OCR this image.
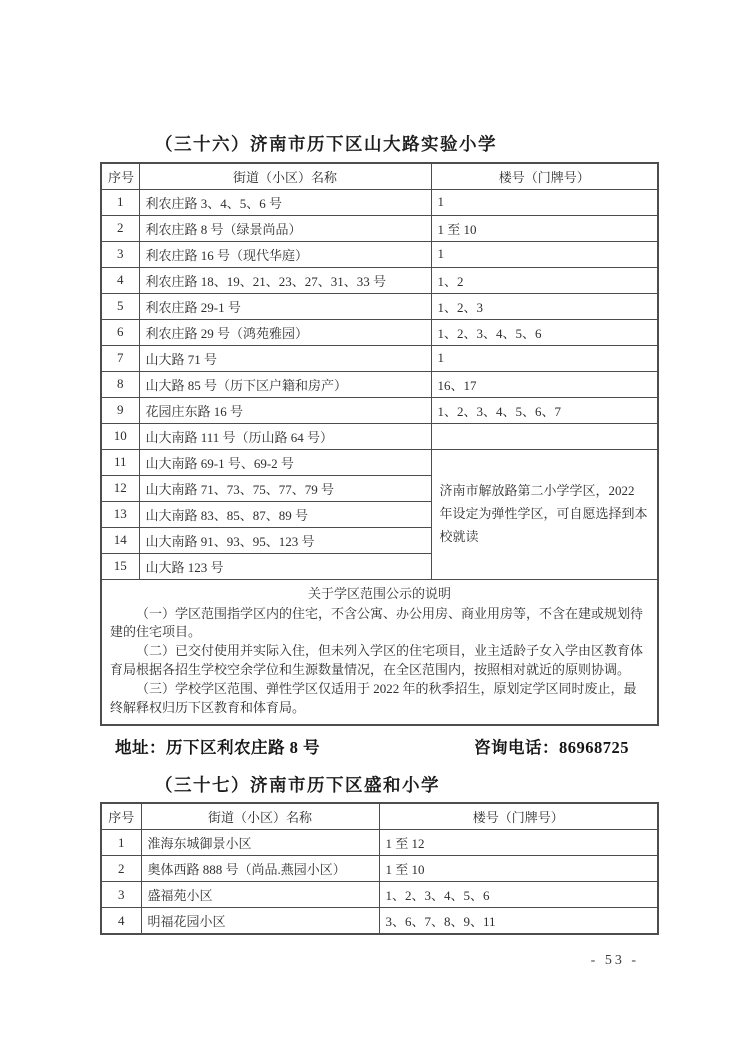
（三十六）济南市历下区山大路实验小学
序号	街道（小区）名称	楼号（门牌号）
1	利农庄路 3、4、5、6 号	1
2	利农庄路 8 号（绿景尚品）	1 至 10
3	利农庄路 16 号（现代华庭）	1
4	利农庄路 18、19、21、23、27、31、33 号	1、2
5	利农庄路 29-1 号	1、2、3
6	利农庄路 29 号（鸿苑雅园）	1、2、3、4、5、6
7	山大路 71 号	1
8	山大路 85 号（历下区户籍和房产）	16、17
9	花园庄东路 16 号	1、2、3、4、5、6、7
10	山大南路 111 号（历山路 64 号）	
11	山大南路 69-1 号、69-2 号	济南市解放路第二小学学区，2022 年设定为弹性学区，可自愿选择到本校就读
12	山大南路 71、73、75、77、79 号	
13	山大南路 83、85、87、89 号	
14	山大南路 91、93、95、123 号	
15	山大路 123 号	

关于学区范围公示的说明

（一）学区范围指学区内的住宅，不含公寓、办公用房、商业用房等，不含在建或规划待建的住宅项目。

（二）已交付使用并实际入住，但未列入学区的住宅项目，业主适龄子女入学由区教育体育局根据各招生学校空余学位和生源数量情况，在全区范围内，按照相对就近的原则协调。

（三）学校学区范围、弹性学区仅适用于 2022 年的秋季招生，原划定学区同时废止，最终解释权归历下区教育和体育局。		

地址：历下区利农庄路 8 号	咨询电话：86968725
（三十七）济南市历下区盛和小学
序号	街道（小区）名称	楼号（门牌号）
1	淮海东城御景小区	1 至 12
2	奥体西路 888 号（尚品.燕园小区）	1 至 10
3	盛福苑小区	1、2、3、4、5、6
4	明福花园小区	3、6、7、8、9、11
- 53 -
